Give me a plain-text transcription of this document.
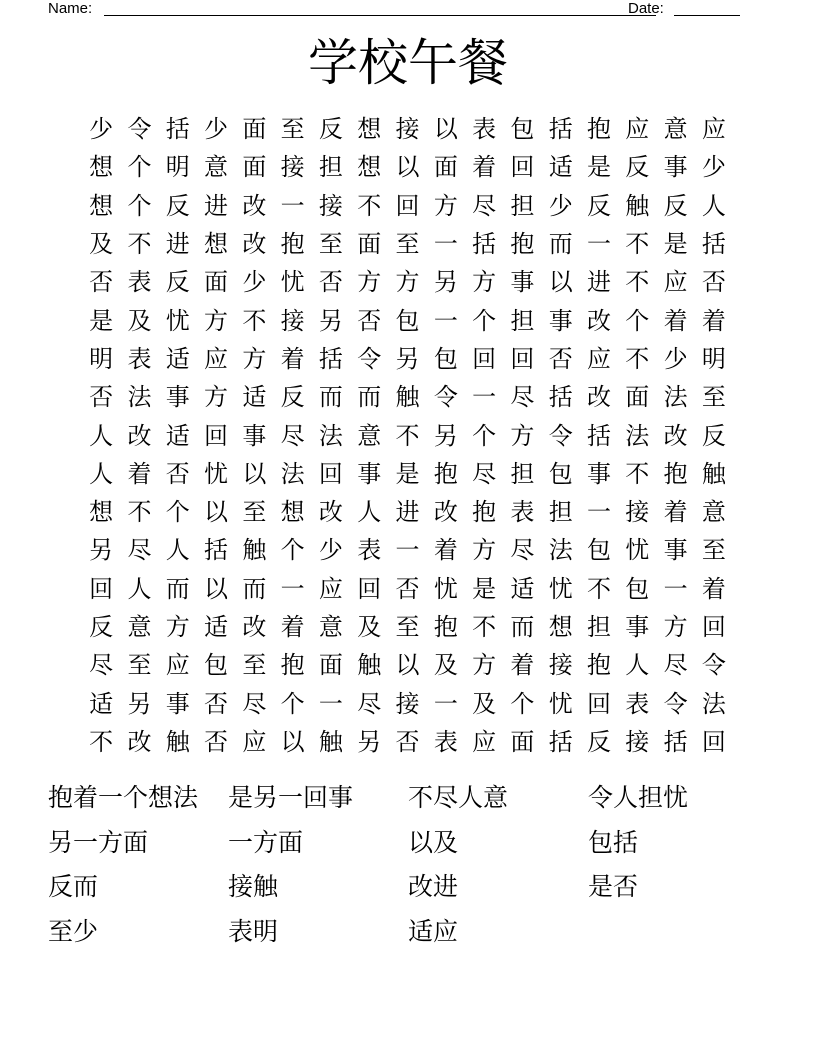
Name:	Date:
学校午餐
少 令 括 少 面 至 反 想 接 以 表 包 括 抱 应 意 应
想 个 明 意 面 接 担 想 以 面 着 回 适 是 反 事 少
想 个 反 进 改 一 接 不 回 方 尽 担 少 反 触 反 人
及 不 进 想 改 抱 至 面 至 一 括 抱 而 一 不 是 括
否 表 反 面 少 忧 否 方 方 另 方 事 以 进 不 应 否
是 及 忧 方 不 接 另 否 包 一 个 担 事 改 个 着 着
明 表 适 应 方 着 括 令 另 包 回 回 否 应 不 少 明
否 法 事 方 适 反 而 而 触 令 一 尽 括 改 面 法 至
人 改 适 回 事 尽 法 意 不 另 个 方 令 括 法 改 反
人 着 否 忧 以 法 回 事 是 抱 尽 担 包 事 不 抱 触
想 不 个 以 至 想 改 人 进 改 抱 表 担 一 接 着 意
另 尽 人 括 触 个 少 表 一 着 方 尽 法 包 忧 事 至
回 人 而 以 而 一 应 回 否 忧 是 适 忧 不 包 一 着
反 意 方 适 改 着 意 及 至 抱 不 而 想 担 事 方 回
尽 至 应 包 至 抱 面 触 以 及 方 着 接 抱 人 尽 令
适 另 事 否 尽 个 一 尽 接 一 及 个 忧 回 表 令 法
不 改 触 否 应 以 触 另 否 表 应 面 括 反 接 括 回
抱着一个想法	是另一回事	不尽人意	令人担忧
另一方面	一方面	以及	包括
反而	接触	改进	是否
至少	表明	适应
